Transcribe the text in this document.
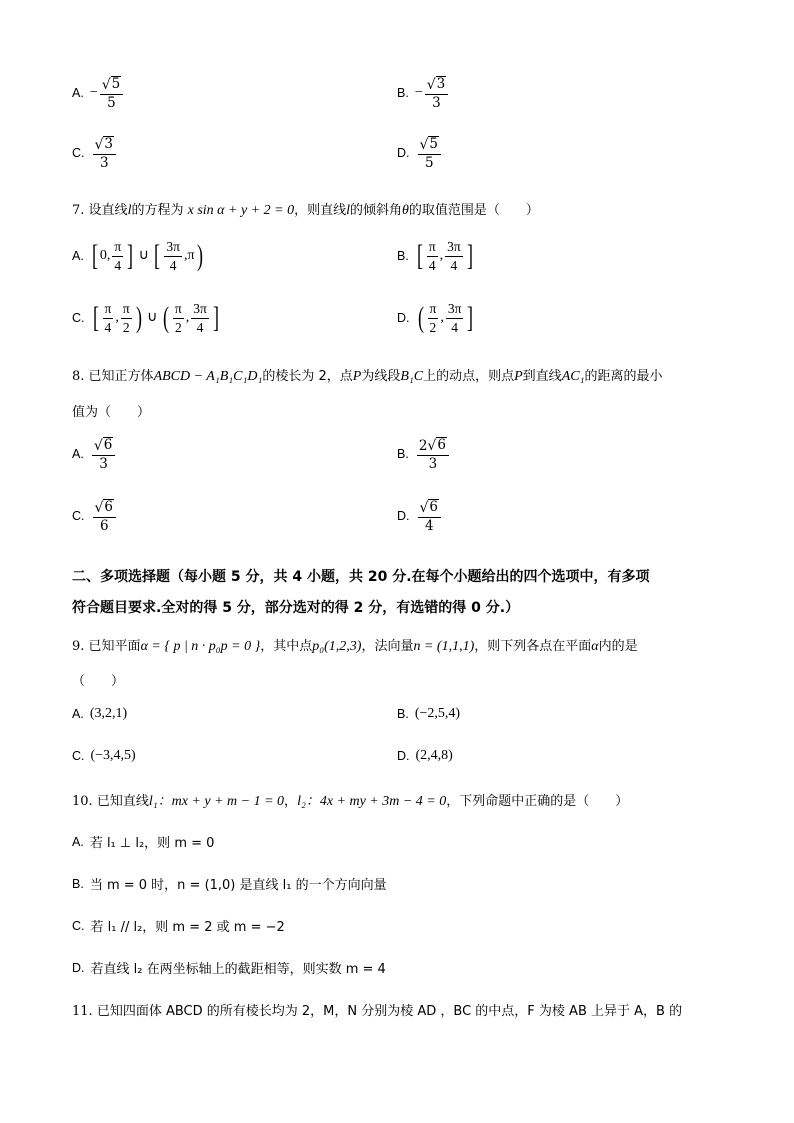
A. − $\frac{√ 5}{5}$	B. − $\frac{√ 3}{3}$
C. $\frac{√ 3}{3}$	D. $\frac{√ 5}{5}$
7. 设直线l的方程为 x sin α + y + 2 = 0，则直线l的倾斜角θ的取值范围是（　　）
A. [ 0, $\frac{\pi}{4}$ ] ∪ [ $\frac{3\pi}{4} ,\pi$)	B. [ $\frac{\pi}{4}$ , $\frac{3\pi}{4}$ ]
C. [ $\frac{\pi}{4}$ , $\frac{\pi}{2}$ ) ∪ ( $\frac{\pi}{2}$ , $\frac{3\pi}{4}$ ]	D. ( $\frac{\pi}{2}$ , $\frac{3\pi}{4}$ ]
8. 已知正方体ABCD − A₁B₁C₁D₁的棱长为 2，点P为线段B₁C上的动点，则点P到直线AC₁的距离的最小
值为（　　）
A. $\frac{√ 6}{3}$	B. $\frac{2 √ 6}{3}$
C. $\frac{√ 6}{6}$	D. $\frac{√ 6}{4}$
二、多项选择题（每小题 5 分，共 4 小题，共 20 分.在每个小题给出的四个选项中，有多项
符合题目要求.全对的得 5 分，部分选对的得 2 分，有选错的得 0 分.）
9. 已知平面α = { p | n · p₀p = 0 }，其中点p₀(1,2,3)，法向量n = (1,1,1)，则下列各点在平面α内的是
（　　）
A. (3,2,1)	B. (−2,5,4)
C. (−3,4,5)	D. (2,4,8)
10. 已知直线l₁：mx + y + m − 1 = 0，l₂：4x + my + 3m − 4 = 0，下列命题中正确的是（　　）
A. 若 l₁ ⊥ l₂，则 m = 0
B. 当 m = 0 时，n = (1,0) 是直线 l₁ 的一个方向向量
C. 若 l₁ // l₂，则 m = 2 或 m = −2
D. 若直线 l₂ 在两坐标轴上的截距相等，则实数 m = 4
11. 已知四面体 ABCD 的所有棱长均为 2，M，N 分别为棱 AD ，BC 的中点，F 为棱 AB 上异于 A，B 的
